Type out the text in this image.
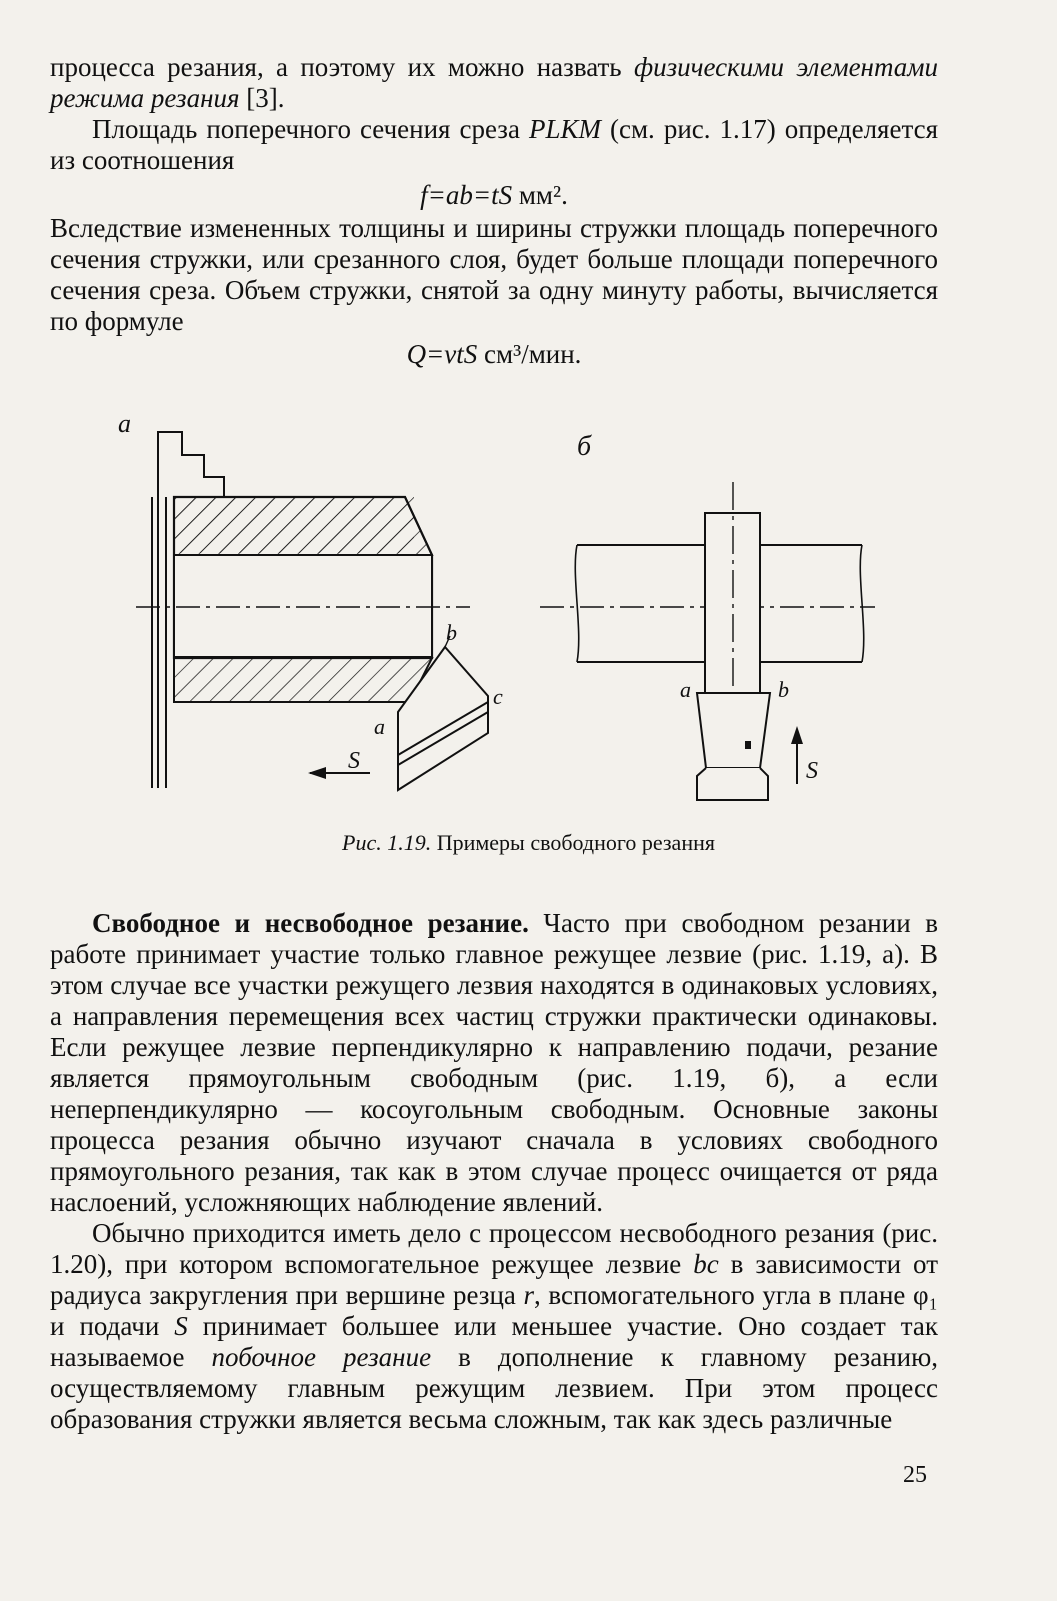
процесса резания, а поэтому их можно назвать физическими элементами режима резания [3].

Площадь поперечного сечения среза PLKM (см. рис. 1.17) определяется из соотношения

f=ab=tS мм².

Вследствие измененных толщины и ширины стружки площадь поперечного сечения стружки, или срезанного слоя, будет больше площади поперечного сечения среза. Объем стружки, снятой за одну минуту работы, вычисляется по формуле

Q=vtS см³/мин.

а
b
c
a
S
б
a	b
S
Рис. 1.19. Примеры свободного резання

Свободное и несвободное резание. Часто при свободном резании в работе принимает участие только главное режущее лезвие (рис. 1.19, а). В этом случае все участки режущего лезвия находятся в одинаковых условиях, а направления перемещения всех частиц стружки практически одинаковы. Если режущее лезвие перпендикулярно к направлению подачи, резание является прямоугольным свободным (рис. 1.19, б), а если неперпендикулярно — косоугольным свободным. Основные законы процесса резания обычно изучают сначала в условиях свободного прямоугольного резания, так как в этом случае процесс очищается от ряда наслоений, усложняющих наблюдение явлений.

Обычно приходится иметь дело с процессом несвободного резания (рис. 1.20), при котором вспомогательное режущее лезвие bc в зависимости от радиуса закругления при вершине резца r, вспомогательного угла в плане φ₁ и подачи S принимает большее или меньшее участие. Оно создает так называемое побочное резание в дополнение к главному резанию, осуществляемому главным режущим лезвием. При этом процесс образования стружки является весьма сложным, так как здесь различные

25
